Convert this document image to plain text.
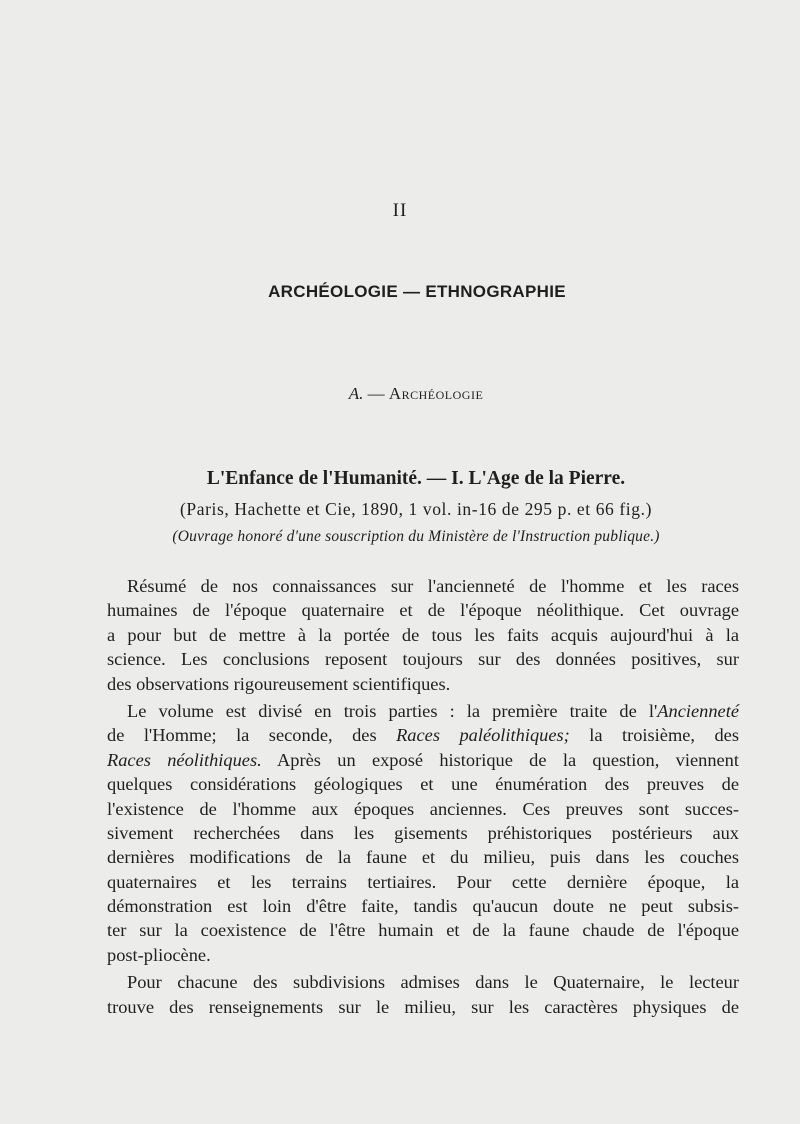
II
ARCHÉOLOGIE — ETHNOGRAPHIE
A. — Archéologie
L'Enfance de l'Humanité. — I. L'Age de la Pierre.
(Paris, Hachette et Cie, 1890, 1 vol. in-16 de 295 p. et 66 fig.)
(Ouvrage honoré d'une souscription du Ministère de l'Instruction publique.)
Résumé de nos connaissances sur l'ancienneté de l'homme et les races
humaines de l'époque quaternaire et de l'époque néolithique. Cet ouvrage
a pour but de mettre à la portée de tous les faits acquis aujourd'hui à la
science. Les conclusions reposent toujours sur des données positives, sur
des observations rigoureusement scientifiques.
Le volume est divisé en trois parties : la première traite de l'Ancienneté
de l'Homme; la seconde, des Races paléolithiques; la troisième, des
Races néolithiques. Après un exposé historique de la question, viennent
quelques considérations géologiques et une énumération des preuves de
l'existence de l'homme aux époques anciennes. Ces preuves sont succes-
sivement recherchées dans les gisements préhistoriques postérieurs aux
dernières modifications de la faune et du milieu, puis dans les couches
quaternaires et les terrains tertiaires. Pour cette dernière époque, la
démonstration est loin d'être faite, tandis qu'aucun doute ne peut subsis-
ter sur la coexistence de l'être humain et de la faune chaude de l'époque
post-pliocène.
Pour chacune des subdivisions admises dans le Quaternaire, le lecteur
trouve des renseignements sur le milieu, sur les caractères physiques de
